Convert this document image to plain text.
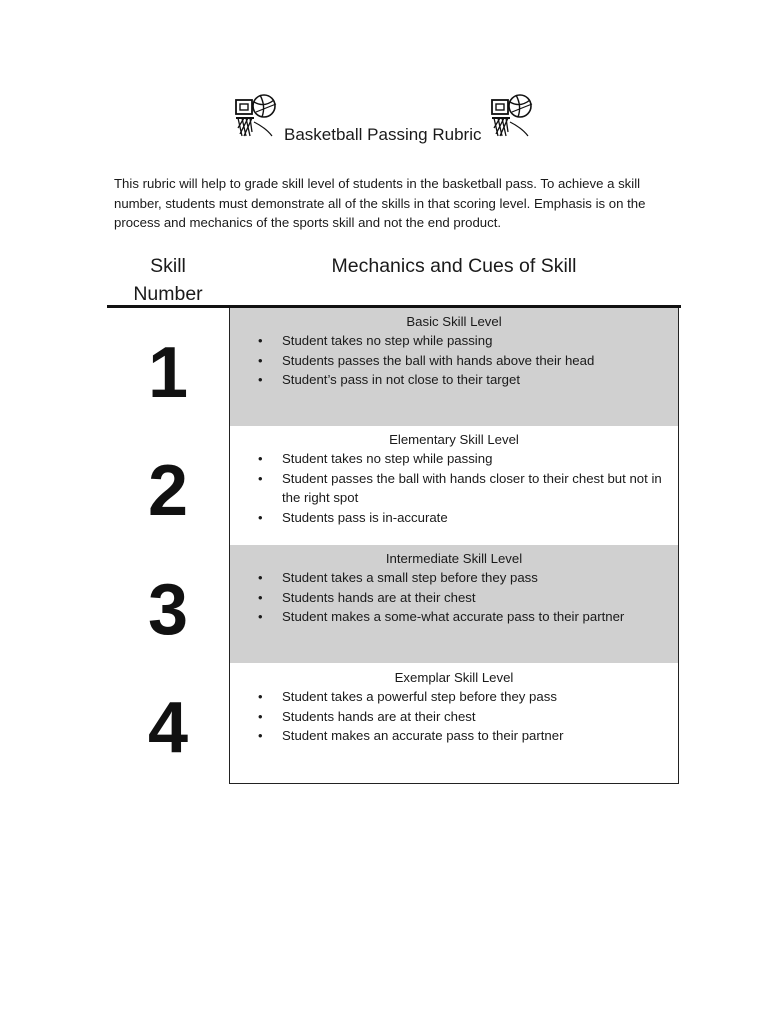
Basketball Passing Rubric

This rubric will help to grade skill level of students in the basketball pass. To achieve a skill number, students must demonstrate all of the skills in that scoring level. Emphasis is on the process and mechanics of the sports skill and not the end product.

Skill
Number
Mechanics and Cues of Skill
1
2
3
4
Basic Skill Level
• Student takes no step while passing
• Students passes the ball with hands above their head
• Student’s pass in not close to their target
Elementary Skill Level
• Student takes no step while passing
• Student passes the ball with hands closer to their chest but not in the right spot
• Students pass is in-accurate
Intermediate Skill Level
• Student takes a small step before they pass
• Students hands are at their chest
• Student makes a some-what accurate pass to their partner
Exemplar Skill Level
• Student takes a powerful step before they pass
• Students hands are at their chest
• Student makes an accurate pass to their partner
